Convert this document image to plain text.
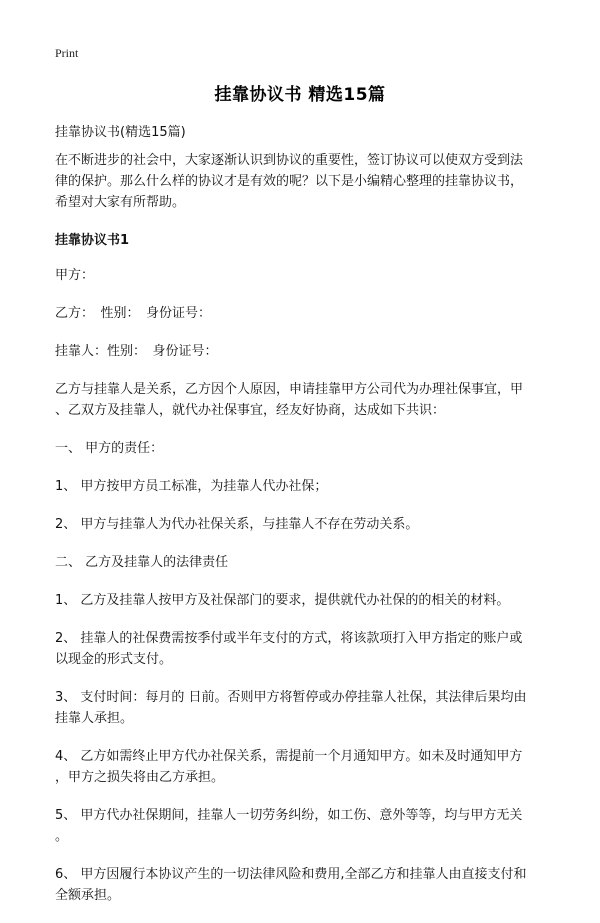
Print
挂靠协议书 精选15篇
挂靠协议书(精选15篇)

在不断进步的社会中，大家逐渐认识到协议的重要性，签订协议可以使双方受到法
律的保护。那么什么样的协议才是有效的呢？以下是小编精心整理的挂靠协议书，
希望对大家有所帮助。

挂靠协议书1

甲方：

乙方：　性别：　身份证号：

挂靠人：性别：　身份证号：

乙方与挂靠人是关系，乙方因个人原因，申请挂靠甲方公司代为办理社保事宜，甲
、乙双方及挂靠人，就代办社保事宜，经友好协商，达成如下共识：

一、 甲方的责任：

1、 甲方按甲方员工标准，为挂靠人代办社保；

2、 甲方与挂靠人为代办社保关系，与挂靠人不存在劳动关系。

二、 乙方及挂靠人的法律责任

1、 乙方及挂靠人按甲方及社保部门的要求，提供就代办社保的的相关的材料。

2、 挂靠人的社保费需按季付或半年支付的方式，将该款项打入甲方指定的账户或
以现金的形式支付。

3、 支付时间：每月的 日前。否则甲方将暂停或办停挂靠人社保，其法律后果均由
挂靠人承担。

4、 乙方如需终止甲方代办社保关系，需提前一个月通知甲方。如未及时通知甲方
，甲方之损失将由乙方承担。

5、 甲方代办社保期间，挂靠人一切劳务纠纷，如工伤、意外等等，均与甲方无关
。

6、 甲方因履行本协议产生的一切法律风险和费用,全部乙方和挂靠人由直接支付和
全额承担。
